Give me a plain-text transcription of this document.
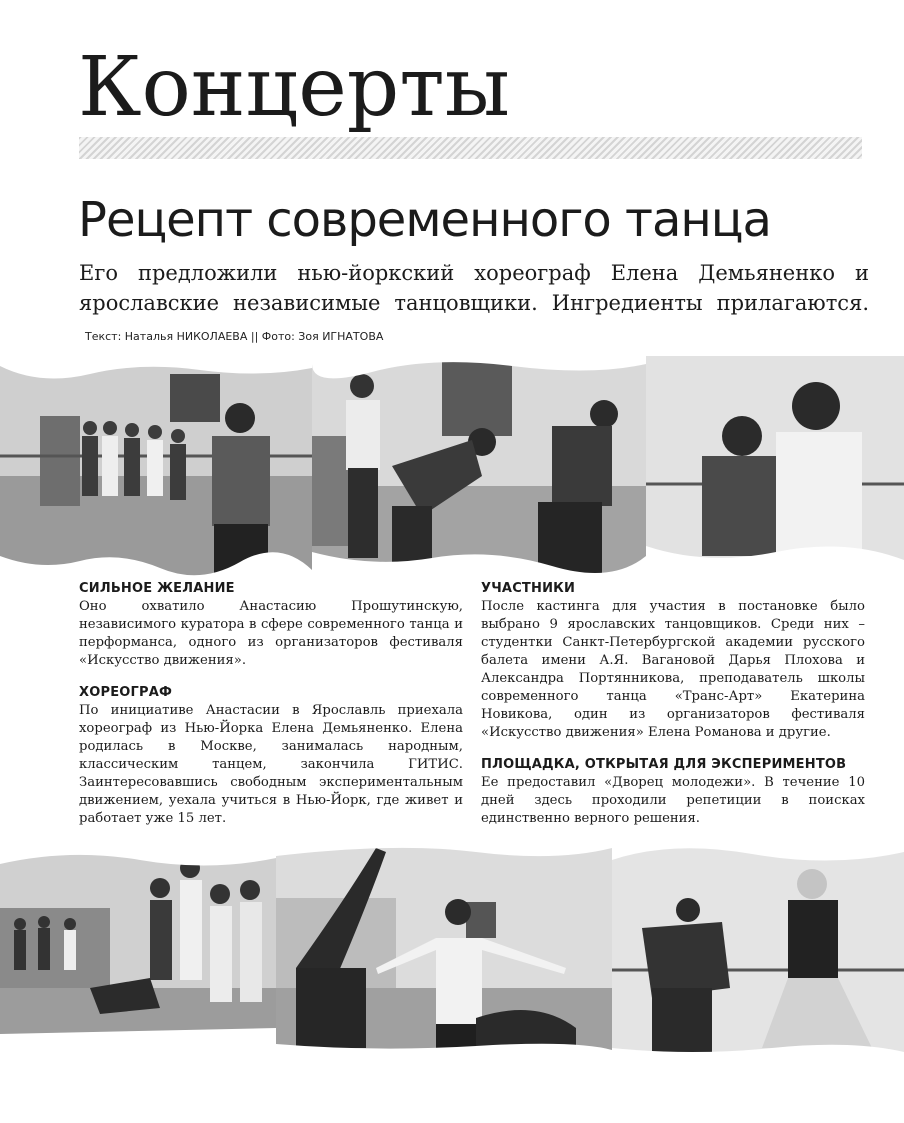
Концерты
Рецепт современного танца

Его предложили нью-йоркский хореограф Елена Демьяненко и ярославские независимые танцовщики. Ингредиенты прилагаются. Текст: Наталья НИКОЛАЕВА || Фото: Зоя ИГНАТОВА

СИЛЬНОЕ ЖЕЛАНИЕ

Оно охватило Анастасию Прошутинскую, независимого куратора в сфере современного танца и перформанса, одного из организаторов фестиваля «Искусство движения».

ХОРЕОГРАФ

По инициативе Анастасии в Ярославль приехала хореограф из Нью-Йорка Елена Демьяненко. Елена родилась в Москве, занималась народным, классическим танцем, закончила ГИТИС. Заинтересовавшись свободным экспериментальным движением, уехала учиться в Нью-Йорк, где живет и работает уже 15 лет.

УЧАСТНИКИ

После кастинга для участия в постановке было выбрано 9 ярославских танцовщиков. Среди них – студентки Санкт-Петербургской академии русского балета имени А.Я. Вагановой Дарья Плохова и Александра Портянникова, преподаватель школы современного танца «Транс-Арт» Екатерина Новикова, один из организаторов фестиваля «Искусство движения» Елена Романова и другие.

ПЛОЩАДКА, ОТКРЫТАЯ ДЛЯ ЭКСПЕРИМЕНТОВ

Ее предоставил «Дворец молодежи». В течение 10 дней здесь проходили репетиции в поисках единственно верного решения.
